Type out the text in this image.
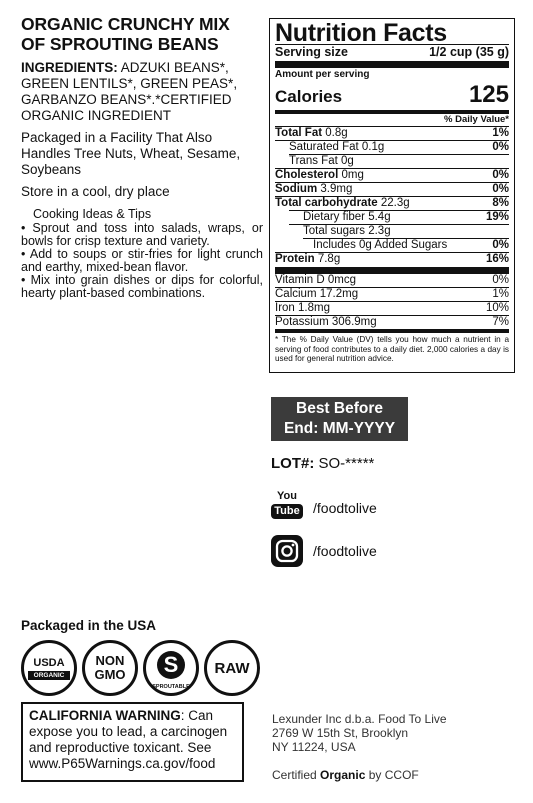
ORGANIC CRUNCHY MIX
OF SPROUTING BEANS
INGREDIENTS: ADZUKI BEANS*, GREEN LENTILS*, GREEN PEAS*, GARBANZO BEANS*.*CERTIFIED ORGANIC INGREDIENT
Packaged in a Facility That Also Handles Tree Nuts, Wheat, Sesame, Soybeans
Store in a cool, dry place
Cooking Ideas & Tips
• Sprout and toss into salads, wraps, or bowls for crisp texture and variety.
• Add to soups or stir-fries for light crunch and earthy, mixed-bean flavor.
• Mix into grain dishes or dips for colorful, hearty plant-based combinations.
Nutrition Facts
Serving size	1/2 cup (35 g)
Amount per serving
Calories	125
% Daily Value*
Total Fat 0.8g	1%
Saturated Fat 0.1g	0%
Trans Fat 0g
Cholesterol 0mg	0%
Sodium 3.9mg	0%
Total carbohydrate 22.3g	8%
Dietary fiber 5.4g	19%
Total sugars 2.3g
Includes 0g Added Sugars	0%
Protein 7.8g	16%
Vitamin D 0mcg	0%
Calcium 17.2mg	1%
Iron 1.8mg	10%
Potassium 306.9mg	7%
* The % Daily Value (DV) tells you how much a nutrient in a serving of food contributes to a daily diet. 2,000 calories a day is used for general nutrition advice.
Best Before
End: MM-YYYY
LOT#: SO-*****
You
Tube /foodtolive
/foodtolive
Packaged in the USA
USDA
ORGANIC
NON
GMO	S
SPROUTABLE
RAW
CALIFORNIA WARNING: Can expose you to lead, a carcinogen and reproductive toxicant. See www.P65Warnings.ca.gov/food
Lexunder Inc d.b.a. Food To Live
2769 W 15th St, Brooklyn
NY 11224, USA
Certified Organic by CCOF
